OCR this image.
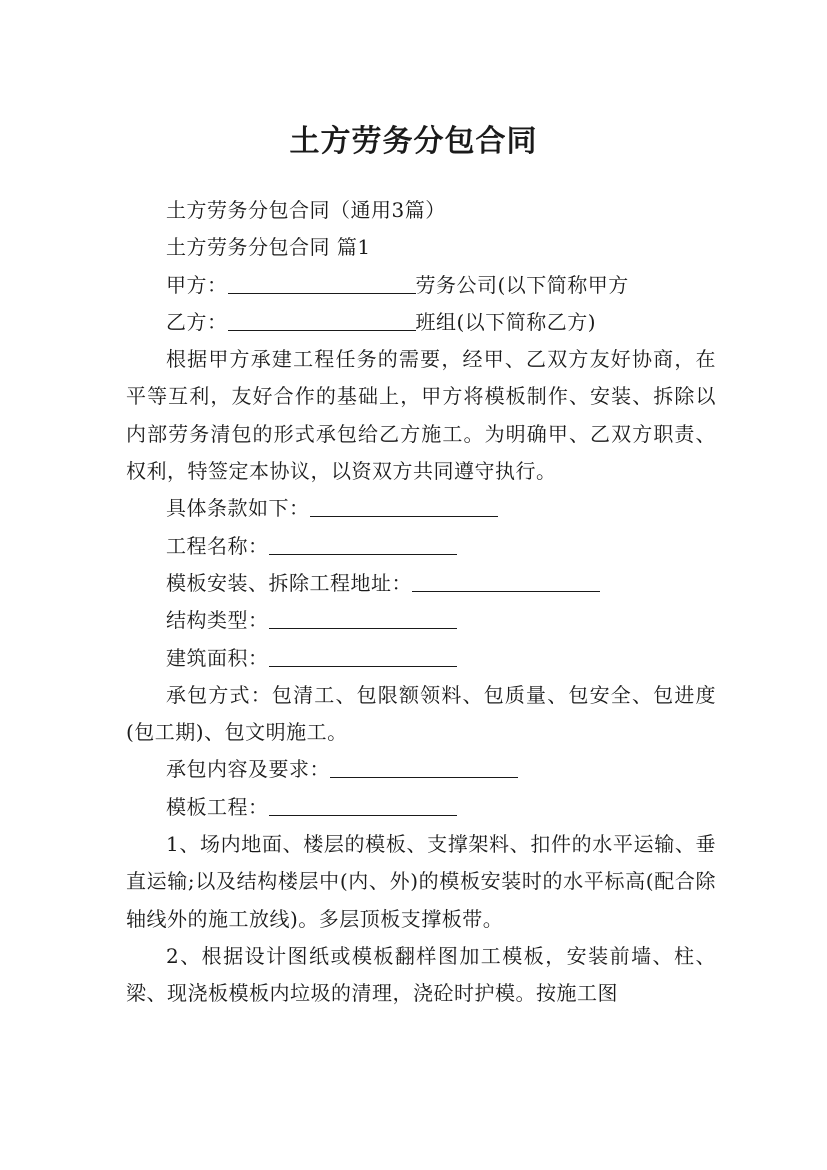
土方劳务分包合同

土方劳务分包合同（通用3篇）

土方劳务分包合同 篇1

甲方：	劳务公司(以下简称甲方

乙方：	班组(以下简称乙方)

根据甲方承建工程任务的需要，经甲、乙双方友好协商，在平等互利，友好合作的基础上，甲方将模板制作、安装、拆除以内部劳务清包的形式承包给乙方施工。为明确甲、乙双方职责、权利，特签定本协议，以资双方共同遵守执行。

具体条款如下：

工程名称：

模板安装、拆除工程地址：

结构类型：

建筑面积：

承包方式：包清工、包限额领料、包质量、包安全、包进度(包工期)、包文明施工。

承包内容及要求：

模板工程：

1、场内地面、楼层的模板、支撑架料、扣件的水平运输、垂直运输;以及结构楼层中(内、外)的模板安装时的水平标高(配合除轴线外的施工放线)。多层顶板支撑板带。

2、根据设计图纸或模板翻样图加工模板，安装前墙、柱、梁、现浇板模板内垃圾的清理，浇砼时护模。按施工图
